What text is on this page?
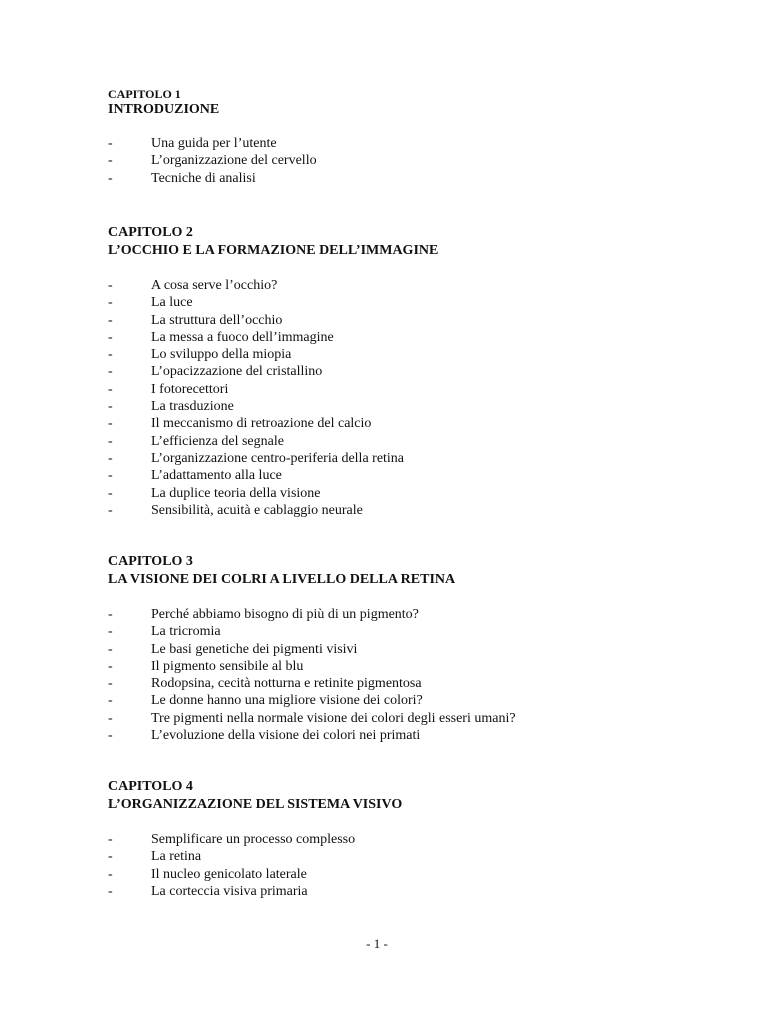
CAPITOLO 1
INTRODUZIONE
-	Una guida per l’utente
-	L’organizzazione del cervello
-	Tecniche di analisi
CAPITOLO 2
L’OCCHIO E LA FORMAZIONE DELL’IMMAGINE
-	A cosa serve l’occhio?
-	La luce
-	La struttura dell’occhio
-	La messa a fuoco dell’immagine
-	Lo sviluppo della miopia
-	L’opacizzazione del cristallino
-	I fotorecettori
-	La trasduzione
-	Il meccanismo di retroazione del calcio
-	L’efficienza del segnale
-	L’organizzazione centro-periferia della retina
-	L’adattamento alla luce
-	La duplice teoria della visione
-	Sensibilità, acuità e cablaggio neurale
CAPITOLO 3
LA VISIONE DEI COLRI A LIVELLO DELLA RETINA
-	Perché abbiamo bisogno di più di un pigmento?
-	La tricromia
-	Le basi genetiche dei pigmenti visivi
-	Il pigmento sensibile al blu
-	Rodopsina, cecità notturna e retinite pigmentosa
-	Le donne hanno una migliore visione dei colori?
-	Tre pigmenti nella normale visione dei colori degli esseri umani?
-	L’evoluzione della visione dei colori nei primati
CAPITOLO 4
L’ORGANIZZAZIONE DEL SISTEMA VISIVO
-	Semplificare un processo complesso
-	La retina
-	Il nucleo genicolato laterale
-	La corteccia visiva primaria
- 1 -
